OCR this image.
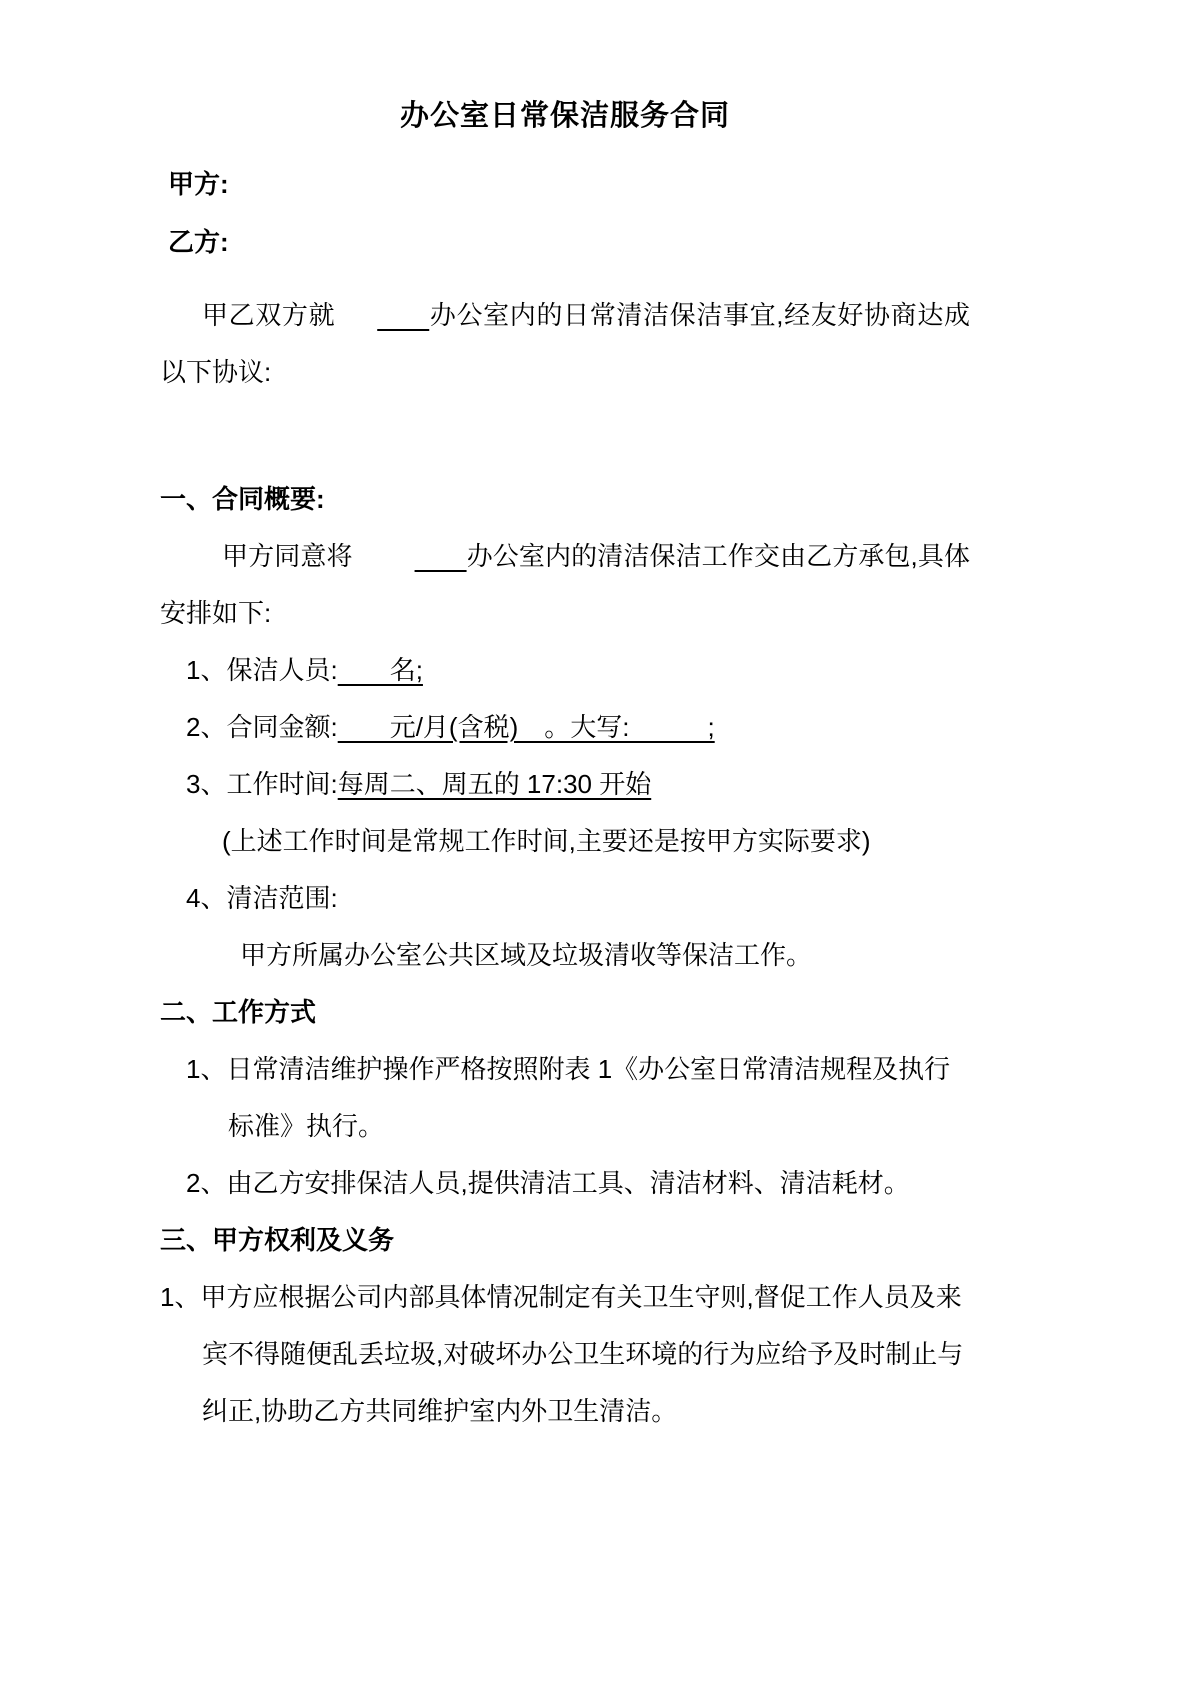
办公室日常保洁服务合同

甲方:

乙方:

甲乙双方就　　	办公室内的日常清洁保洁事宜,经友好协商达成以下协议:

一、合同概要:

甲方同意将　　	办公室内的清洁保洁工作交由乙方承包,具体安排如下:

1、保洁人员:　　名;

2、合同金额:　　元/月(含税)　。大写:　　　;

3、工作时间:每周二、周五的 17:30 开始

(上述工作时间是常规工作时间,主要还是按甲方实际要求)

4、清洁范围:

甲方所属办公室公共区域及垃圾清收等保洁工作。

二、工作方式

1、日常清洁维护操作严格按照附表 1《办公室日常清洁规程及执行标准》执行。

2、由乙方安排保洁人员,提供清洁工具、清洁材料、清洁耗材。

三、甲方权利及义务

1、甲方应根据公司内部具体情况制定有关卫生守则,督促工作人员及来宾不得随便乱丢垃圾,对破坏办公卫生环境的行为应给予及时制止与纠正,协助乙方共同维护室内外卫生清洁。
